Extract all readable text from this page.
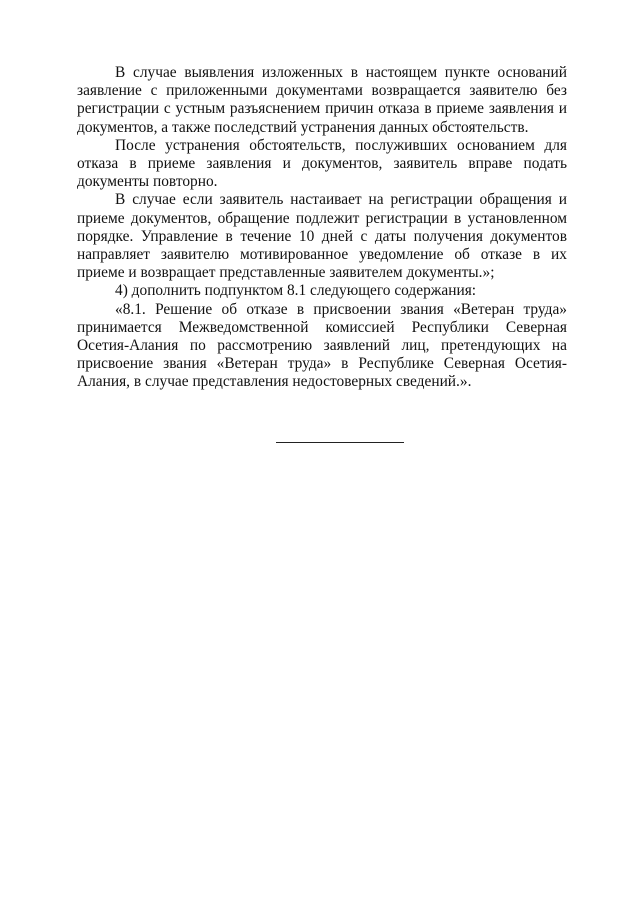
В случае выявления изложенных в настоящем пункте оснований заявление с приложенными документами возвращается заявителю без регистрации с устным разъяснением причин отказа в приеме заявления и документов, а также последствий устранения данных обстоятельств.

После устранения обстоятельств, послуживших основанием для отказа в приеме заявления и документов, заявитель вправе подать документы повторно.

В случае если заявитель настаивает на регистрации обращения и приеме документов, обращение подлежит регистрации в установленном порядке. Управление в течение 10 дней с даты получения документов направляет заявителю мотивированное уведомление об отказе в их приеме и возвращает представленные заявителем документы.»;

4) дополнить подпунктом 8.1 следующего содержания:

«8.1. Решение об отказе в присвоении звания «Ветеран труда» принимается Межведомственной комиссией Республики Северная Осетия-Алания по рассмотрению заявлений лиц, претендующих на присвоение звания «Ветеран труда» в Республике Северная Осетия-Алания, в случае представления недостоверных сведений.».
